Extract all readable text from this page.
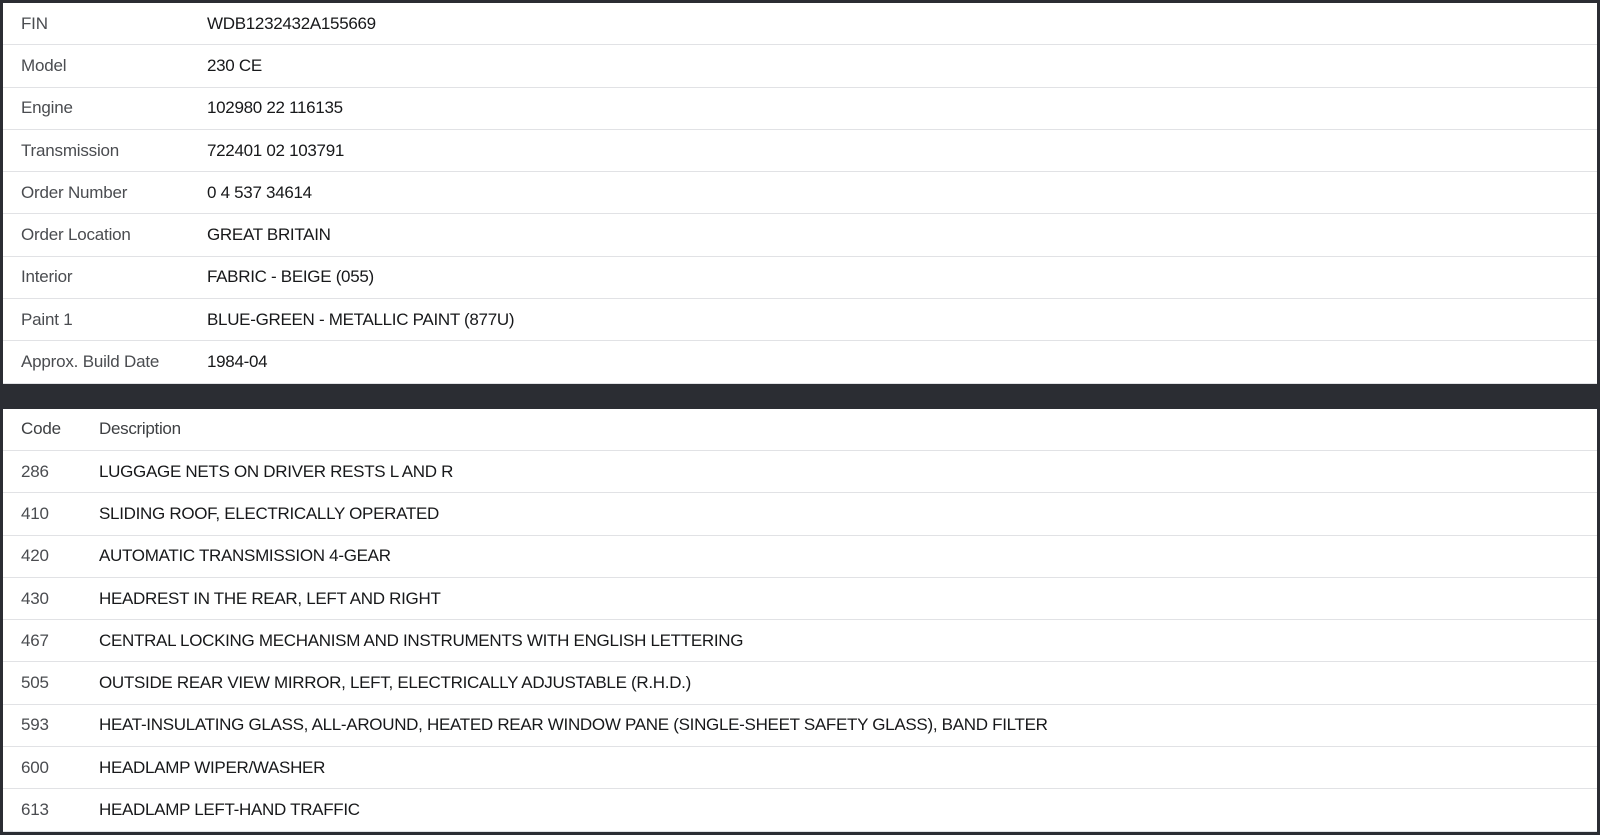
FIN	WDB1232432A155669
Model	230 CE
Engine	102980 22 116135
Transmission	722401 02 103791
Order Number	0 4 537 34614
Order Location	GREAT BRITAIN
Interior	FABRIC - BEIGE (055)
Paint 1	BLUE-GREEN - METALLIC PAINT (877U)
Approx. Build Date	1984-04
Code	Description
286	LUGGAGE NETS ON DRIVER RESTS L AND R
410	SLIDING ROOF, ELECTRICALLY OPERATED
420	AUTOMATIC TRANSMISSION 4-GEAR
430	HEADREST IN THE REAR, LEFT AND RIGHT
467	CENTRAL LOCKING MECHANISM AND INSTRUMENTS WITH ENGLISH LETTERING
505	OUTSIDE REAR VIEW MIRROR, LEFT, ELECTRICALLY ADJUSTABLE (R.H.D.)
593	HEAT-INSULATING GLASS, ALL-AROUND, HEATED REAR WINDOW PANE (SINGLE-SHEET SAFETY GLASS), BAND FILTER
600	HEADLAMP WIPER/WASHER
613	HEADLAMP LEFT-HAND TRAFFIC
